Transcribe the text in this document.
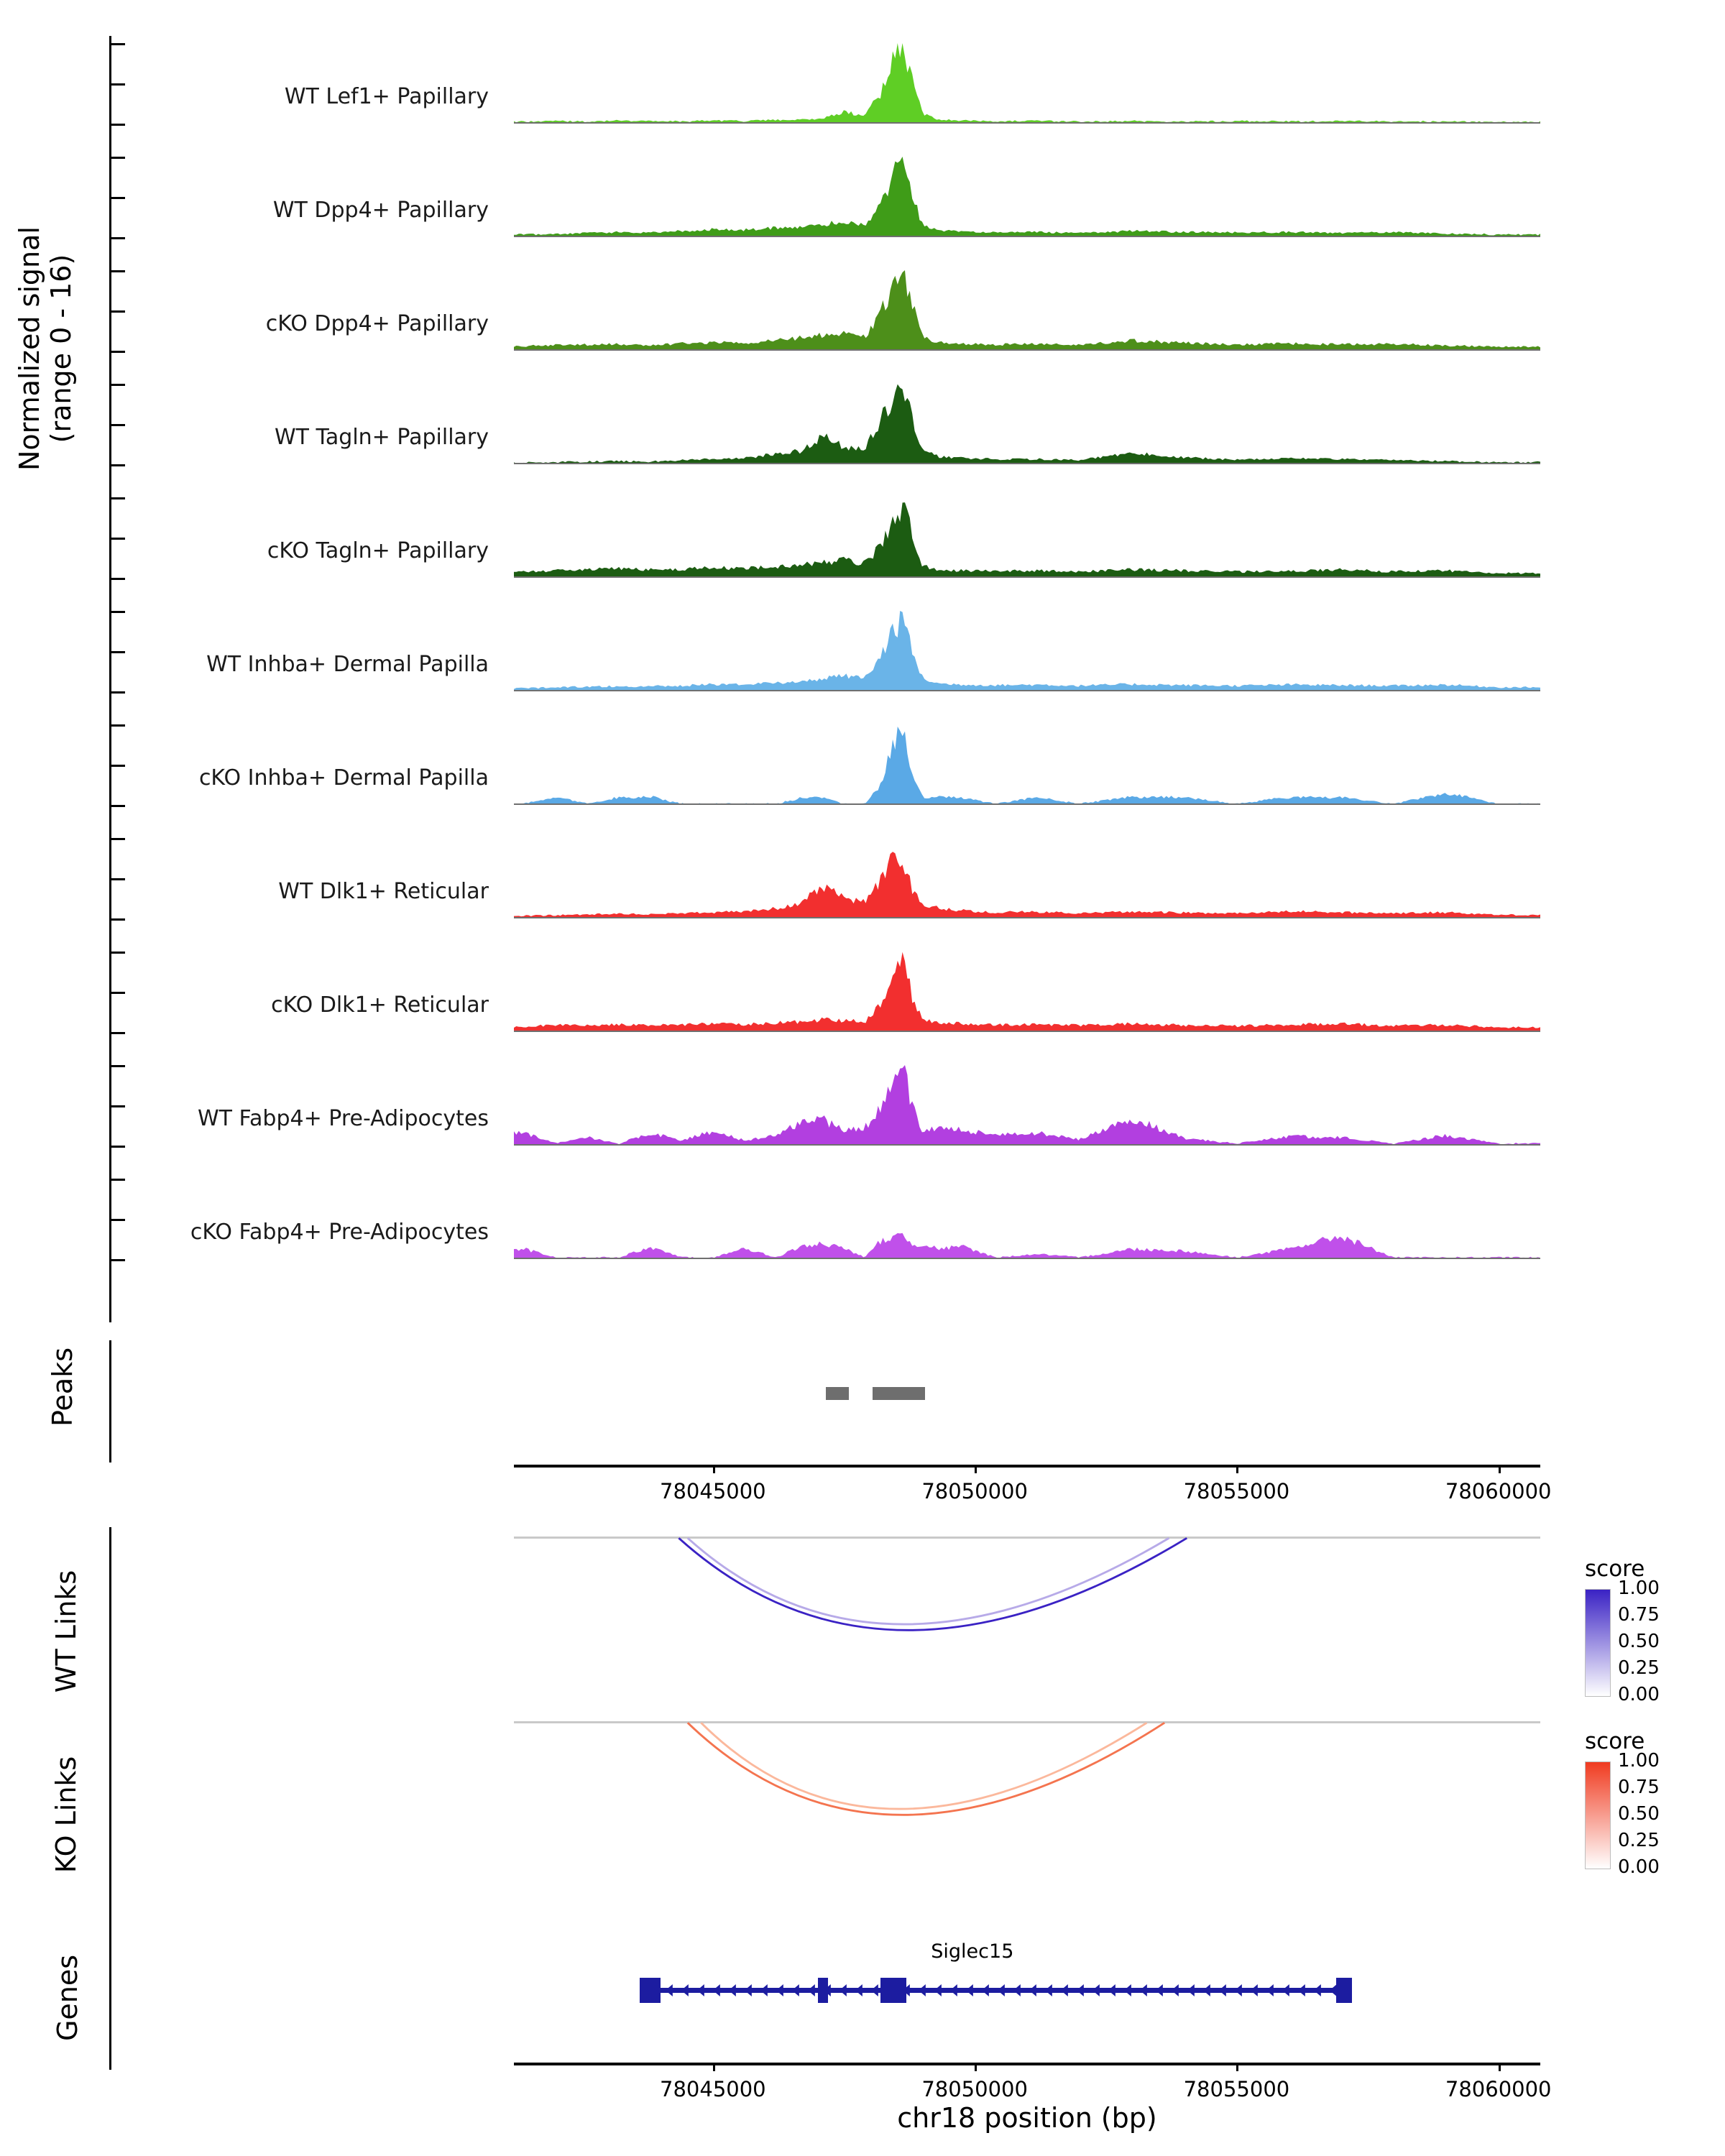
Normalized signal (range 0 - 16)
WT Lef1+ Papillary
WT Dpp4+ Papillary
cKO Dpp4+ Papillary
WT Tagln+ Papillary
cKO Tagln+ Papillary
WT Inhba+ Dermal Papilla
cKO Inhba+ Dermal Papilla
WT Dlk1+ Reticular
cKO Dlk1+ Reticular
WT Fabp4+ Pre-Adipocytes
cKO Fabp4+ Pre-Adipocytes
Peaks
78045000	78050000	78055000	78060000
WT Links
score
1.00
0.75
0.50
0.25
0.00
KO Links
score
1.00
0.75
0.50
0.25
0.00
Genes
Siglec15
78045000	78050000	78055000	78060000
chr18 position (bp)
